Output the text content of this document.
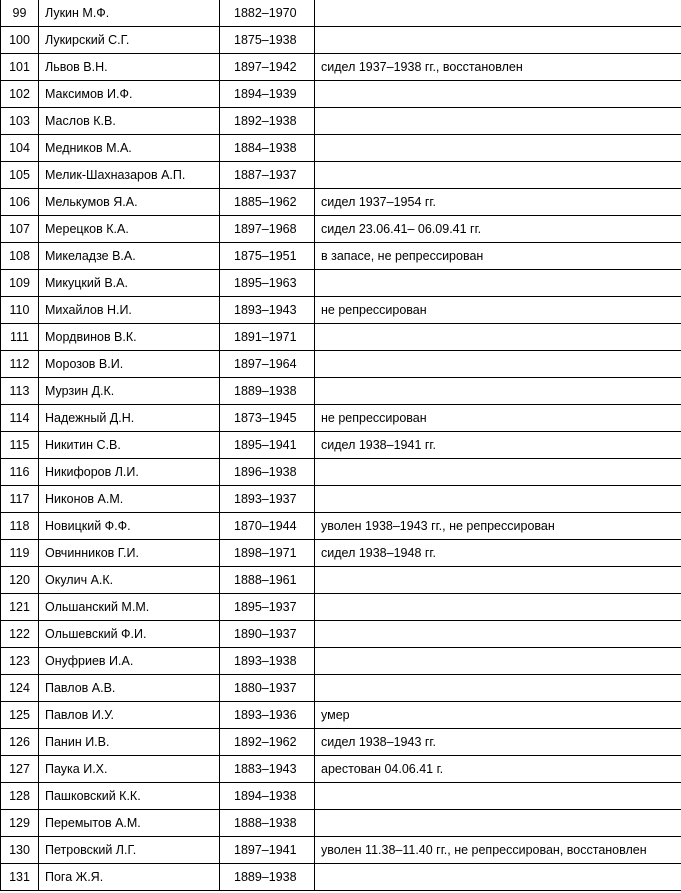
99	Лукин М.Ф.	1882–1970	
100	Лукирский С.Г.	1875–1938	
101	Львов В.Н.	1897–1942	сидел 1937–1938 гг., восстановлен
102	Максимов И.Ф.	1894–1939	
103	Маслов К.В.	1892–1938	
104	Медников М.А.	1884–1938	
105	Мелик-Шахназаров А.П.	1887–1937	
106	Мелькумов Я.А.	1885–1962	сидел 1937–1954 гг.
107	Мерецков К.А.	1897–1968	сидел 23.06.41– 06.09.41 гг.
108	Микеладзе В.А.	1875–1951	в запасе, не репрессирован
109	Микуцкий В.А.	1895–1963	
110	Михайлов Н.И.	1893–1943	не репрессирован
111	Мордвинов В.К.	1891–1971	
112	Морозов В.И.	1897–1964	
113	Мурзин Д.К.	1889–1938	
114	Надежный Д.Н.	1873–1945	не репрессирован
115	Никитин С.В.	1895–1941	сидел 1938–1941 гг.
116	Никифоров Л.И.	1896–1938	
117	Никонов А.М.	1893–1937	
118	Новицкий Ф.Ф.	1870–1944	уволен 1938–1943 гг., не репрессирован
119	Овчинников Г.И.	1898–1971	сидел 1938–1948 гг.
120	Окулич А.К.	1888–1961	
121	Ольшанский М.М.	1895–1937	
122	Ольшевский Ф.И.	1890–1937	
123	Онуфриев И.А.	1893–1938	
124	Павлов А.В.	1880–1937	
125	Павлов И.У.	1893–1936	умер
126	Панин И.В.	1892–1962	сидел 1938–1943 гг.
127	Паука И.Х.	1883–1943	арестован 04.06.41 г.
128	Пашковский К.К.	1894–1938	
129	Перемытов А.М.	1888–1938	
130	Петровский Л.Г.	1897–1941	уволен 11.38–11.40 гг., не репрессирован, восстановлен
131	Пога Ж.Я.	1889–1938	
